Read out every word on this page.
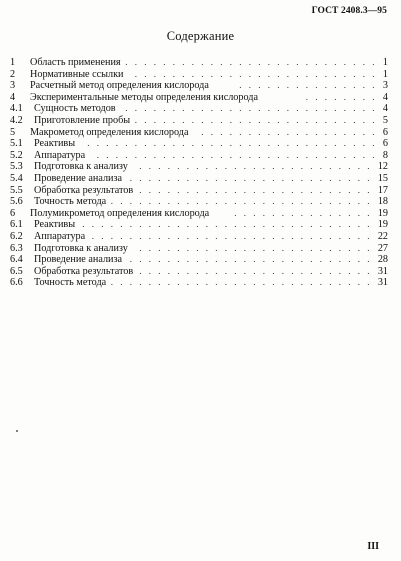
ГОСТ 2408.3—95
Содержание
1 Область применения . . . . . . . . . . . . . . . . . . . . . . . . . . . 1
2 Нормативные ссылки . . . . . . . . . . . . . . . . . . . . . . . . . . 1
3 Расчетный метод определения кислорода	. . . . . . . . . . . . . . . 3
4 Экспериментальные методы определения кислорода	. . . . . . . . 4
4.1 Сущность методов . . . . . . . . . . . . . . . . . . . . . . . . . . . 4
4.2 Приготовление пробы . . . . . . . . . . . . . . . . . . . . . . . . . . 5
5 Макрометод определения кислорода . . . . . . . . . . . . . . . . . . . 6
5.1 Реактивы . . . . . . . . . . . . . . . . . . . . . . . . . . . . . . . 6
5.2 Аппаратура . . . . . . . . . . . . . . . . . . . . . . . . . . . . . . 8
5.3 Подготовка к анализу . . . . . . . . . . . . . . . . . . . . . . . . . 12
5.4 Проведение анализа . . . . . . . . . . . . . . . . . . . . . . . . . . 15
5.5 Обработка результатов . . . . . . . . . . . . . . . . . . . . . . . . . 17
5.6 Точность метода . . . . . . . . . . . . . . . . . . . . . . . . . . . . 18
6 Полумикрометод определения кислорода	. . . . . . . . . . . . . . . 19
6.1 Реактивы . . . . . . . . . . . . . . . . . . . . . . . . . . . . . . . 19
6.2 Аппаратура . . . . . . . . . . . . . . . . . . . . . . . . . . . . . . 22
6.3 Подготовка к анализу . . . . . . . . . . . . . . . . . . . . . . . . . 27
6.4 Проведение анализа . . . . . . . . . . . . . . . . . . . . . . . . . . 28
6.5 Обработка результатов . . . . . . . . . . . . . . . . . . . . . . . . . 31
6.6 Точность метода . . . . . . . . . . . . . . . . . . . . . . . . . . . . 31
III
